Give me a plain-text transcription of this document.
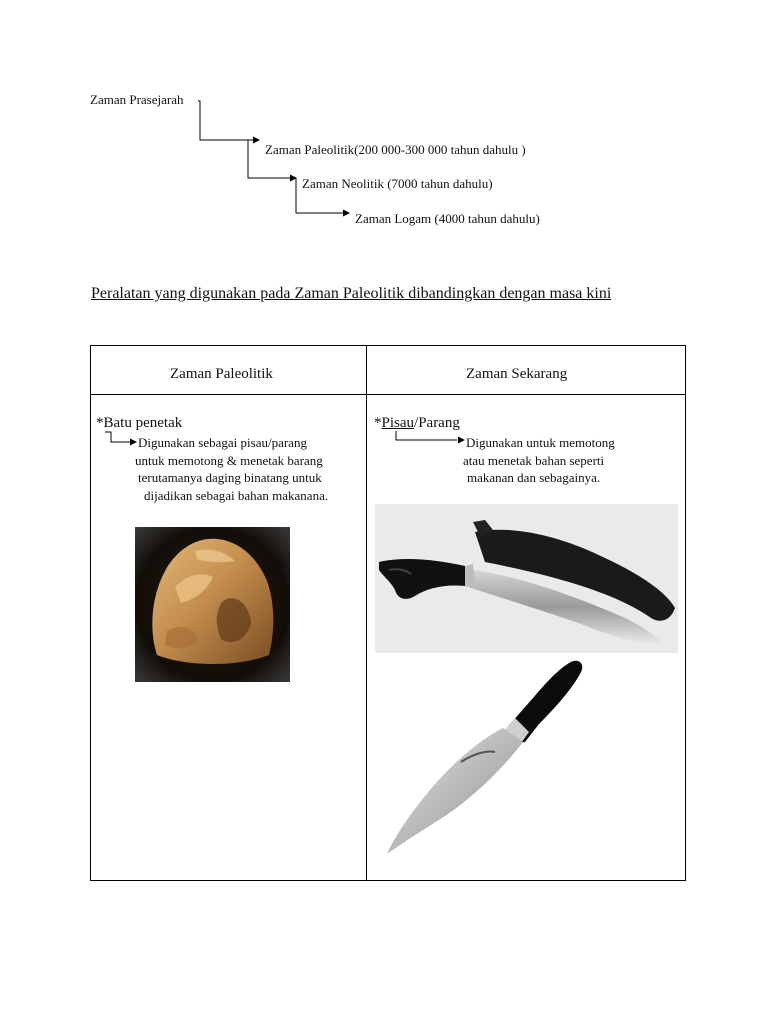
Zaman Prasejarah
Zaman Paleolitik(200 000-300 000 tahun dahulu )
Zaman Neolitik (7000 tahun dahulu)
Zaman Logam (4000 tahun dahulu)
Peralatan yang digunakan pada Zaman Paleolitik dibandingkan dengan masa kini
Zaman Paleolitik	Zaman Sekarang
*Batu penetak
Digunakan sebagai pisau/parang
untuk memotong & menetak barang
terutamanya daging binatang untuk
dijadikan sebagai bahan makanana.
*Pisau/Parang
Digunakan untuk memotong
atau menetak bahan seperti
makanan dan sebagainya.
